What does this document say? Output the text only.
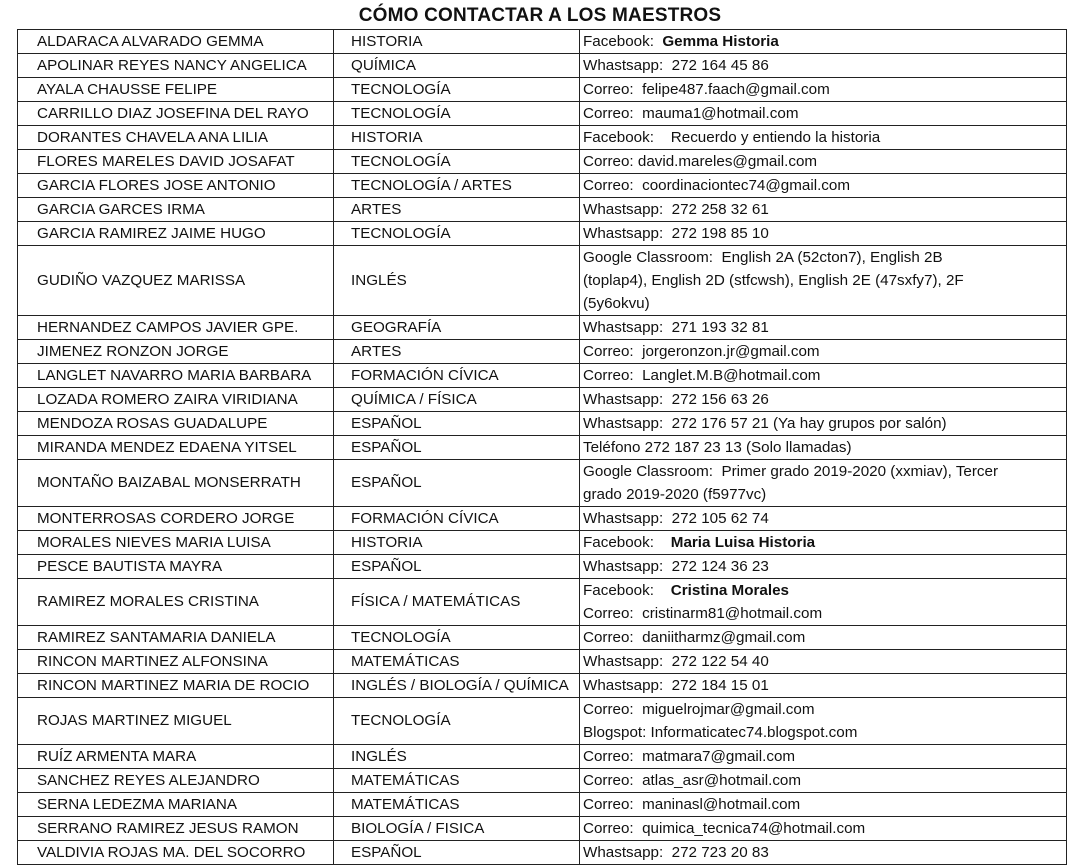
CÓMO CONTACTAR A LOS MAESTROS
ALDARACA ALVARADO GEMMA	HISTORIA	Facebook:  Gemma Historia

APOLINAR REYES NANCY ANGELICA	QUÍMICA	Whastsapp:  272 164 45 86

AYALA CHAUSSE FELIPE	TECNOLOGÍA	Correo:  felipe487.faach@gmail.com

CARRILLO DIAZ JOSEFINA DEL RAYO	TECNOLOGÍA	Correo:  mauma1@hotmail.com

DORANTES CHAVELA ANA LILIA	HISTORIA	Facebook:    Recuerdo y entiendo la historia

FLORES MARELES DAVID JOSAFAT	TECNOLOGÍA	Correo: david.mareles@gmail.com

GARCIA FLORES JOSE ANTONIO	TECNOLOGÍA / ARTES	Correo:  coordinaciontec74@gmail.com

GARCIA GARCES IRMA	ARTES	Whastsapp:  272 258 32 61

GARCIA RAMIREZ JAIME HUGO	TECNOLOGÍA	Whastsapp:  272 198 85 10

GUDIÑO VAZQUEZ MARISSA	INGLÉS	Google Classroom:  English 2A (52cton7), English 2B
(toplap4), English 2D (stfcwsh), English 2E (47sxfy7), 2F
(5y6okvu)

HERNANDEZ CAMPOS JAVIER GPE.	GEOGRAFÍA	Whastsapp:  271 193 32 81

JIMENEZ RONZON JORGE	ARTES	Correo:  jorgeronzon.jr@gmail.com

LANGLET NAVARRO MARIA BARBARA	FORMACIÓN CÍVICA	Correo:  Langlet.M.B@hotmail.com

LOZADA ROMERO ZAIRA VIRIDIANA	QUÍMICA / FÍSICA	Whastsapp:  272 156 63 26

MENDOZA ROSAS GUADALUPE	ESPAÑOL	Whastsapp:  272 176 57 21 (Ya hay grupos por salón)

MIRANDA MENDEZ EDAENA YITSEL	ESPAÑOL	Teléfono 272 187 23 13 (Solo llamadas)

MONTAÑO BAIZABAL MONSERRATH	ESPAÑOL	Google Classroom:  Primer grado 2019-2020 (xxmiav), Tercer
grado 2019-2020 (f5977vc)

MONTERROSAS CORDERO JORGE	FORMACIÓN CÍVICA	Whastsapp:  272 105 62 74

MORALES NIEVES MARIA LUISA	HISTORIA	Facebook:    Maria Luisa Historia

PESCE BAUTISTA MAYRA	ESPAÑOL	Whastsapp:  272 124 36 23

RAMIREZ MORALES CRISTINA	FÍSICA / MATEMÁTICAS	Facebook:    Cristina Morales
Correo:  cristinarm81@hotmail.com

RAMIREZ SANTAMARIA DANIELA	TECNOLOGÍA	Correo:  daniitharmz@gmail.com

RINCON MARTINEZ ALFONSINA	MATEMÁTICAS	Whastsapp:  272 122 54 40

RINCON MARTINEZ MARIA DE ROCIO	INGLÉS / BIOLOGÍA / QUÍMICA	Whastsapp:  272 184 15 01

ROJAS MARTINEZ MIGUEL	TECNOLOGÍA	Correo:  miguelrojmar@gmail.com
Blogspot: Informaticatec74.blogspot.com

RUÍZ ARMENTA MARA	INGLÉS	Correo:  matmara7@gmail.com

SANCHEZ REYES ALEJANDRO	MATEMÁTICAS	Correo:  atlas_asr@hotmail.com

SERNA LEDEZMA MARIANA	MATEMÁTICAS	Correo:  maninasl@hotmail.com

SERRANO RAMIREZ JESUS RAMON	BIOLOGÍA / FISICA	Correo:  quimica_tecnica74@hotmail.com

VALDIVIA ROJAS MA. DEL SOCORRO	ESPAÑOL	Whastsapp:  272 723 20 83
